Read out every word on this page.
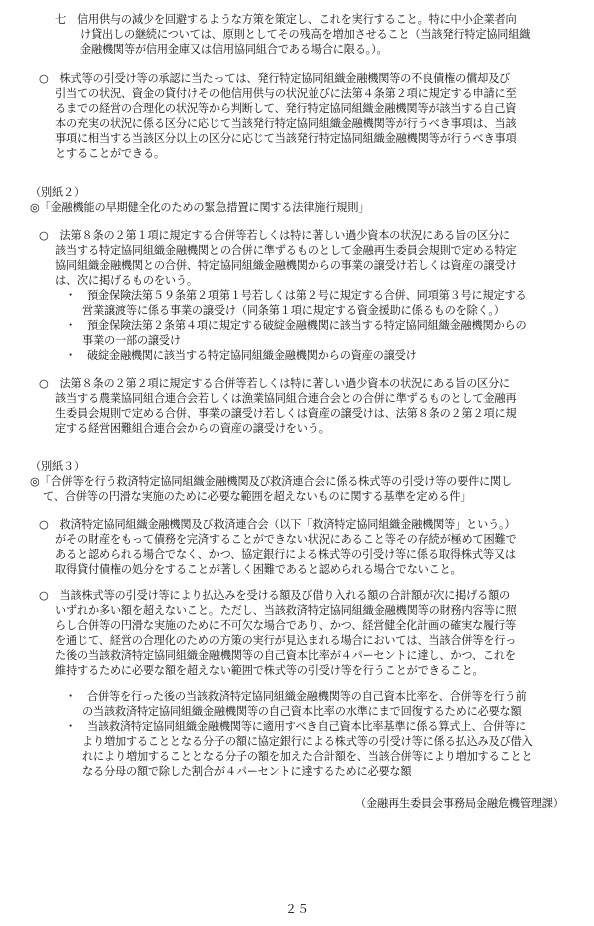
七　信用供与の減少を回避するような方策を策定し、これを実行すること。特に中小企業者向
け貸出しの継続については、原則としてその残高を増加させること（当該発行特定協同組織
金融機関等が信用金庫又は信用協同組合である場合に限る。）。
○　株式等の引受け等の承認に当たっては、発行特定協同組織金融機関等の不良債権の償却及び
引当ての状況、資金の貸付けその他信用供与の状況並びに法第４条第２項に規定する申請に至
るまでの経営の合理化の状況等から判断して、発行特定協同組織金融機関等が該当する自己資
本の充実の状況に係る区分に応じて当該発行特定協同組織金融機関等が行うべき事項は、当該
事項に相当する当該区分以上の区分に応じて当該発行特定協同組織金融機関等が行うべき事項
とすることができる。
（別紙２）
◎「金融機能の早期健全化のための緊急措置に関する法律施行規則」
○　法第８条の２第１項に規定する合併等若しくは特に著しい過少資本の状況にある旨の区分に
該当する特定協同組織金融機関との合併に準ずるものとして金融再生委員会規則で定める特定
協同組織金融機関との合併、特定協同組織金融機関からの事業の譲受け若しくは資産の譲受け
は、次に掲げるものをいう。
・　預金保険法第５９条第２項第１号若しくは第２号に規定する合併、同項第３号に規定する
営業譲渡等に係る事業の譲受け（同条第１項に規定する資金援助に係るものを除く。）
・　預金保険法第２条第４項に規定する破綻金融機関に該当する特定協同組織金融機関からの
事業の一部の譲受け
・　破綻金融機関に該当する特定協同組織金融機関からの資産の譲受け
○　法第８条の２第２項に規定する合併等若しくは特に著しい過少資本の状況にある旨の区分に
該当する農業協同組合連合会若しくは漁業協同組合連合会との合併に準ずるものとして金融再
生委員会規則で定める合併、事業の譲受け若しくは資産の譲受けは、法第８条の２第２項に規
定する経営困難組合連合会からの資産の譲受けをいう。
（別紙３）
◎「合併等を行う救済特定協同組織金融機関及び救済連合会に係る株式等の引受け等の要件に関し
て、合併等の円滑な実施のために必要な範囲を超えないものに関する基準を定める件」
○　救済特定協同組織金融機関及び救済連合会（以下「救済特定協同組織金融機関等」という。）
がその財産をもって債務を完済することができない状況にあること等その存続が極めて困難で
あると認められる場合でなく、かつ、協定銀行による株式等の引受け等に係る取得株式等又は
取得貸付債権の処分をすることが著しく困難であると認められる場合でないこと。
○　当該株式等の引受け等により払込みを受ける額及び借り入れる額の合計額が次に掲げる額の
いずれか多い額を超えないこと。ただし、当該救済特定協同組織金融機関等の財務内容等に照
らし合併等の円滑な実施のために不可欠な場合であり、かつ、経営健全化計画の確実な履行等
を通じて、経営の合理化のための方策の実行が見込まれる場合においては、当該合併等を行っ
た後の当該救済特定協同組織金融機関等の自己資本比率が４パーセントに達し、かつ、これを
維持するために必要な額を超えない範囲で株式等の引受け等を行うことができること。
・　合併等を行った後の当該救済特定協同組織金融機関等の自己資本比率を、合併等を行う前
の当該救済特定協同組織金融機関等の自己資本比率の水準にまで回復するために必要な額
・　当該救済特定協同組織金融機関等に適用すべき自己資本比率基準に係る算式上、合併等に
より増加することとなる分子の額に協定銀行による株式等の引受け等に係る払込み及び借入
れにより増加することとなる分子の額を加えた合計額を、当該合併等により増加することと
なる分母の額で除した割合が４パーセントに達するために必要な額
（金融再生委員会事務局金融危機管理課）
２５
